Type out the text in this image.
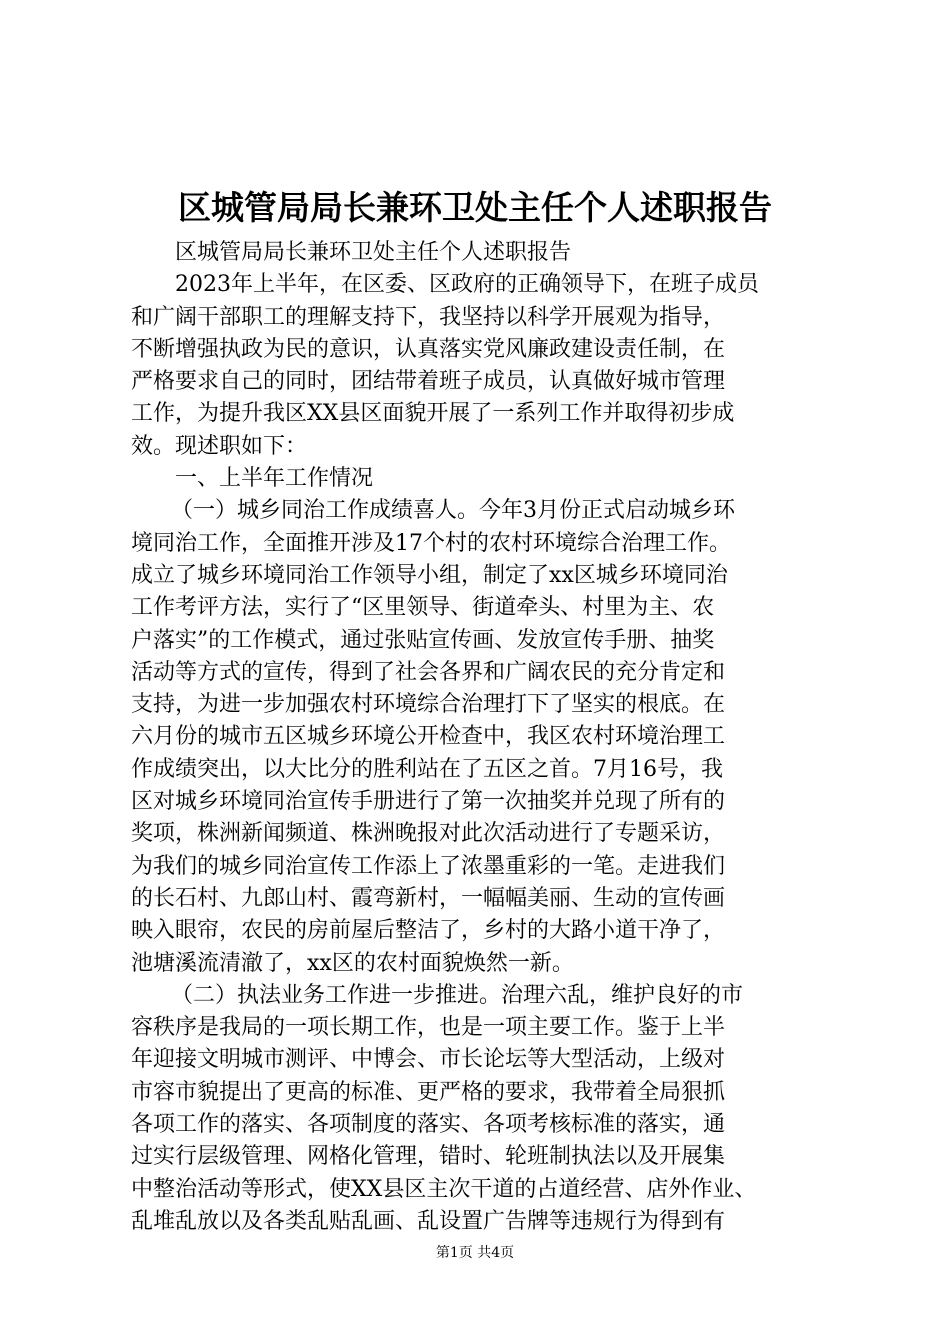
区城管局局长兼环卫处主任个人述职报告
区城管局局长兼环卫处主任个人述职报告
2023年上半年，在区委、区政府的正确领导下，在班子成员
和广阔干部职工的理解支持下，我坚持以科学开展观为指导，
不断增强执政为民的意识，认真落实党风廉政建设责任制，在
严格要求自己的同时，团结带着班子成员，认真做好城市管理
工作，为提升我区XX县区面貌开展了一系列工作并取得初步成
效。现述职如下：
一、上半年工作情况
（一）城乡同治工作成绩喜人。今年3月份正式启动城乡环
境同治工作，全面推开涉及17个村的农村环境综合治理工作。
成立了城乡环境同治工作领导小组，制定了xx区城乡环境同治
工作考评方法，实行了“区里领导、街道牵头、村里为主、农
户落实”的工作模式，通过张贴宣传画、发放宣传手册、抽奖
活动等方式的宣传，得到了社会各界和广阔农民的充分肯定和
支持，为进一步加强农村环境综合治理打下了坚实的根底。在
六月份的城市五区城乡环境公开检查中，我区农村环境治理工
作成绩突出，以大比分的胜利站在了五区之首。7月16号，我
区对城乡环境同治宣传手册进行了第一次抽奖并兑现了所有的
奖项，株洲新闻频道、株洲晚报对此次活动进行了专题采访，
为我们的城乡同治宣传工作添上了浓墨重彩的一笔。走进我们
的长石村、九郎山村、霞弯新村，一幅幅美丽、生动的宣传画
映入眼帘，农民的房前屋后整洁了，乡村的大路小道干净了，
池塘溪流清澈了，xx区的农村面貌焕然一新。
（二）执法业务工作进一步推进。治理六乱，维护良好的市
容秩序是我局的一项长期工作，也是一项主要工作。鉴于上半
年迎接文明城市测评、中博会、市长论坛等大型活动，上级对
市容市貌提出了更高的标准、更严格的要求，我带着全局狠抓
各项工作的落实、各项制度的落实、各项考核标准的落实，通
过实行层级管理、网格化管理，错时、轮班制执法以及开展集
中整治活动等形式，使XX县区主次干道的占道经营、店外作业、
乱堆乱放以及各类乱贴乱画、乱设置广告牌等违规行为得到有
第1页 共4页
